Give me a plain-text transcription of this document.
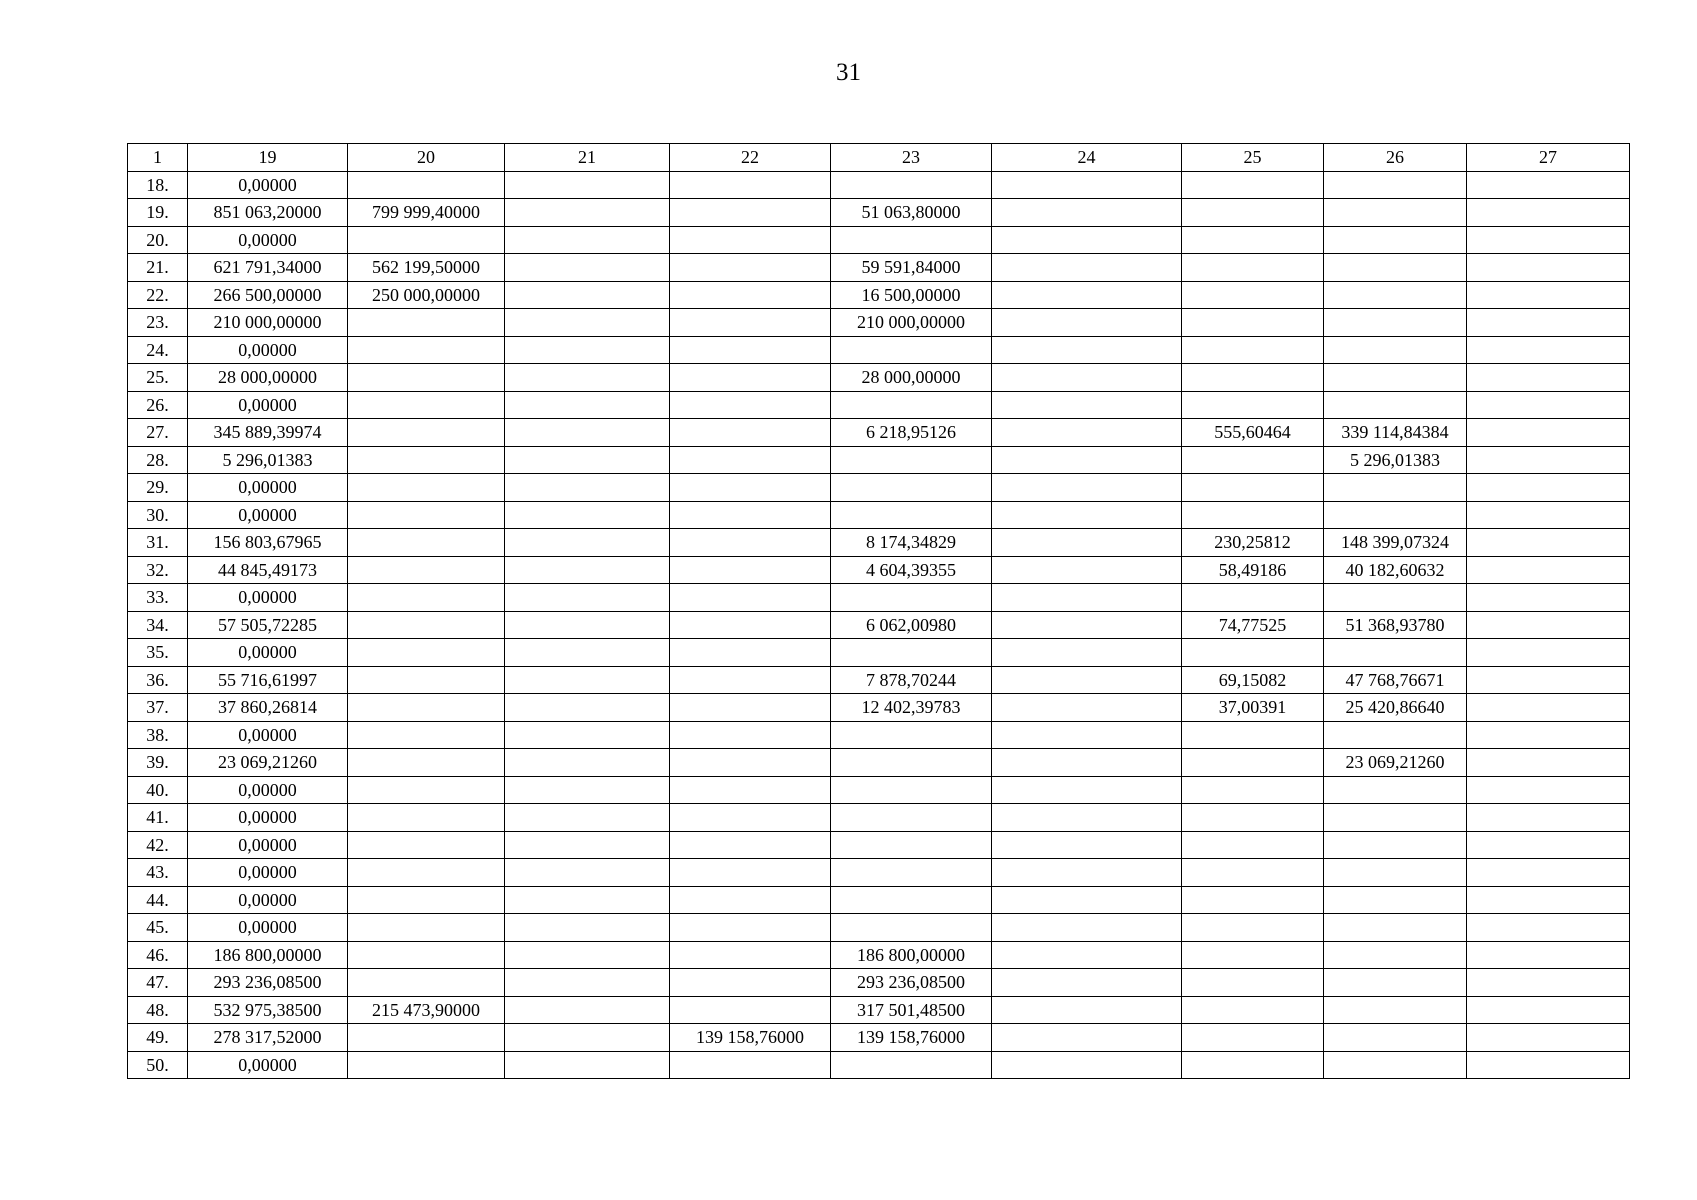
31
1	19	20	21	22	23	24	25	26	27
18.	0,00000								
19.	851 063,20000	799 999,40000			51 063,80000				
20.	0,00000								
21.	621 791,34000	562 199,50000			59 591,84000				
22.	266 500,00000	250 000,00000			16 500,00000				
23.	210 000,00000				210 000,00000				
24.	0,00000								
25.	28 000,00000				28 000,00000				
26.	0,00000								
27.	345 889,39974				6 218,95126		555,60464	339 114,84384	
28.	5 296,01383							5 296,01383	
29.	0,00000								
30.	0,00000								
31.	156 803,67965				8 174,34829		230,25812	148 399,07324	
32.	44 845,49173				4 604,39355		58,49186	40 182,60632	
33.	0,00000								
34.	57 505,72285				6 062,00980		74,77525	51 368,93780	
35.	0,00000								
36.	55 716,61997				7 878,70244		69,15082	47 768,76671	
37.	37 860,26814				12 402,39783		37,00391	25 420,86640	
38.	0,00000								
39.	23 069,21260							23 069,21260	
40.	0,00000								
41.	0,00000								
42.	0,00000								
43.	0,00000								
44.	0,00000								
45.	0,00000								
46.	186 800,00000				186 800,00000				
47.	293 236,08500				293 236,08500				
48.	532 975,38500	215 473,90000			317 501,48500				
49.	278 317,52000			139 158,76000	139 158,76000				
50.	0,00000								
